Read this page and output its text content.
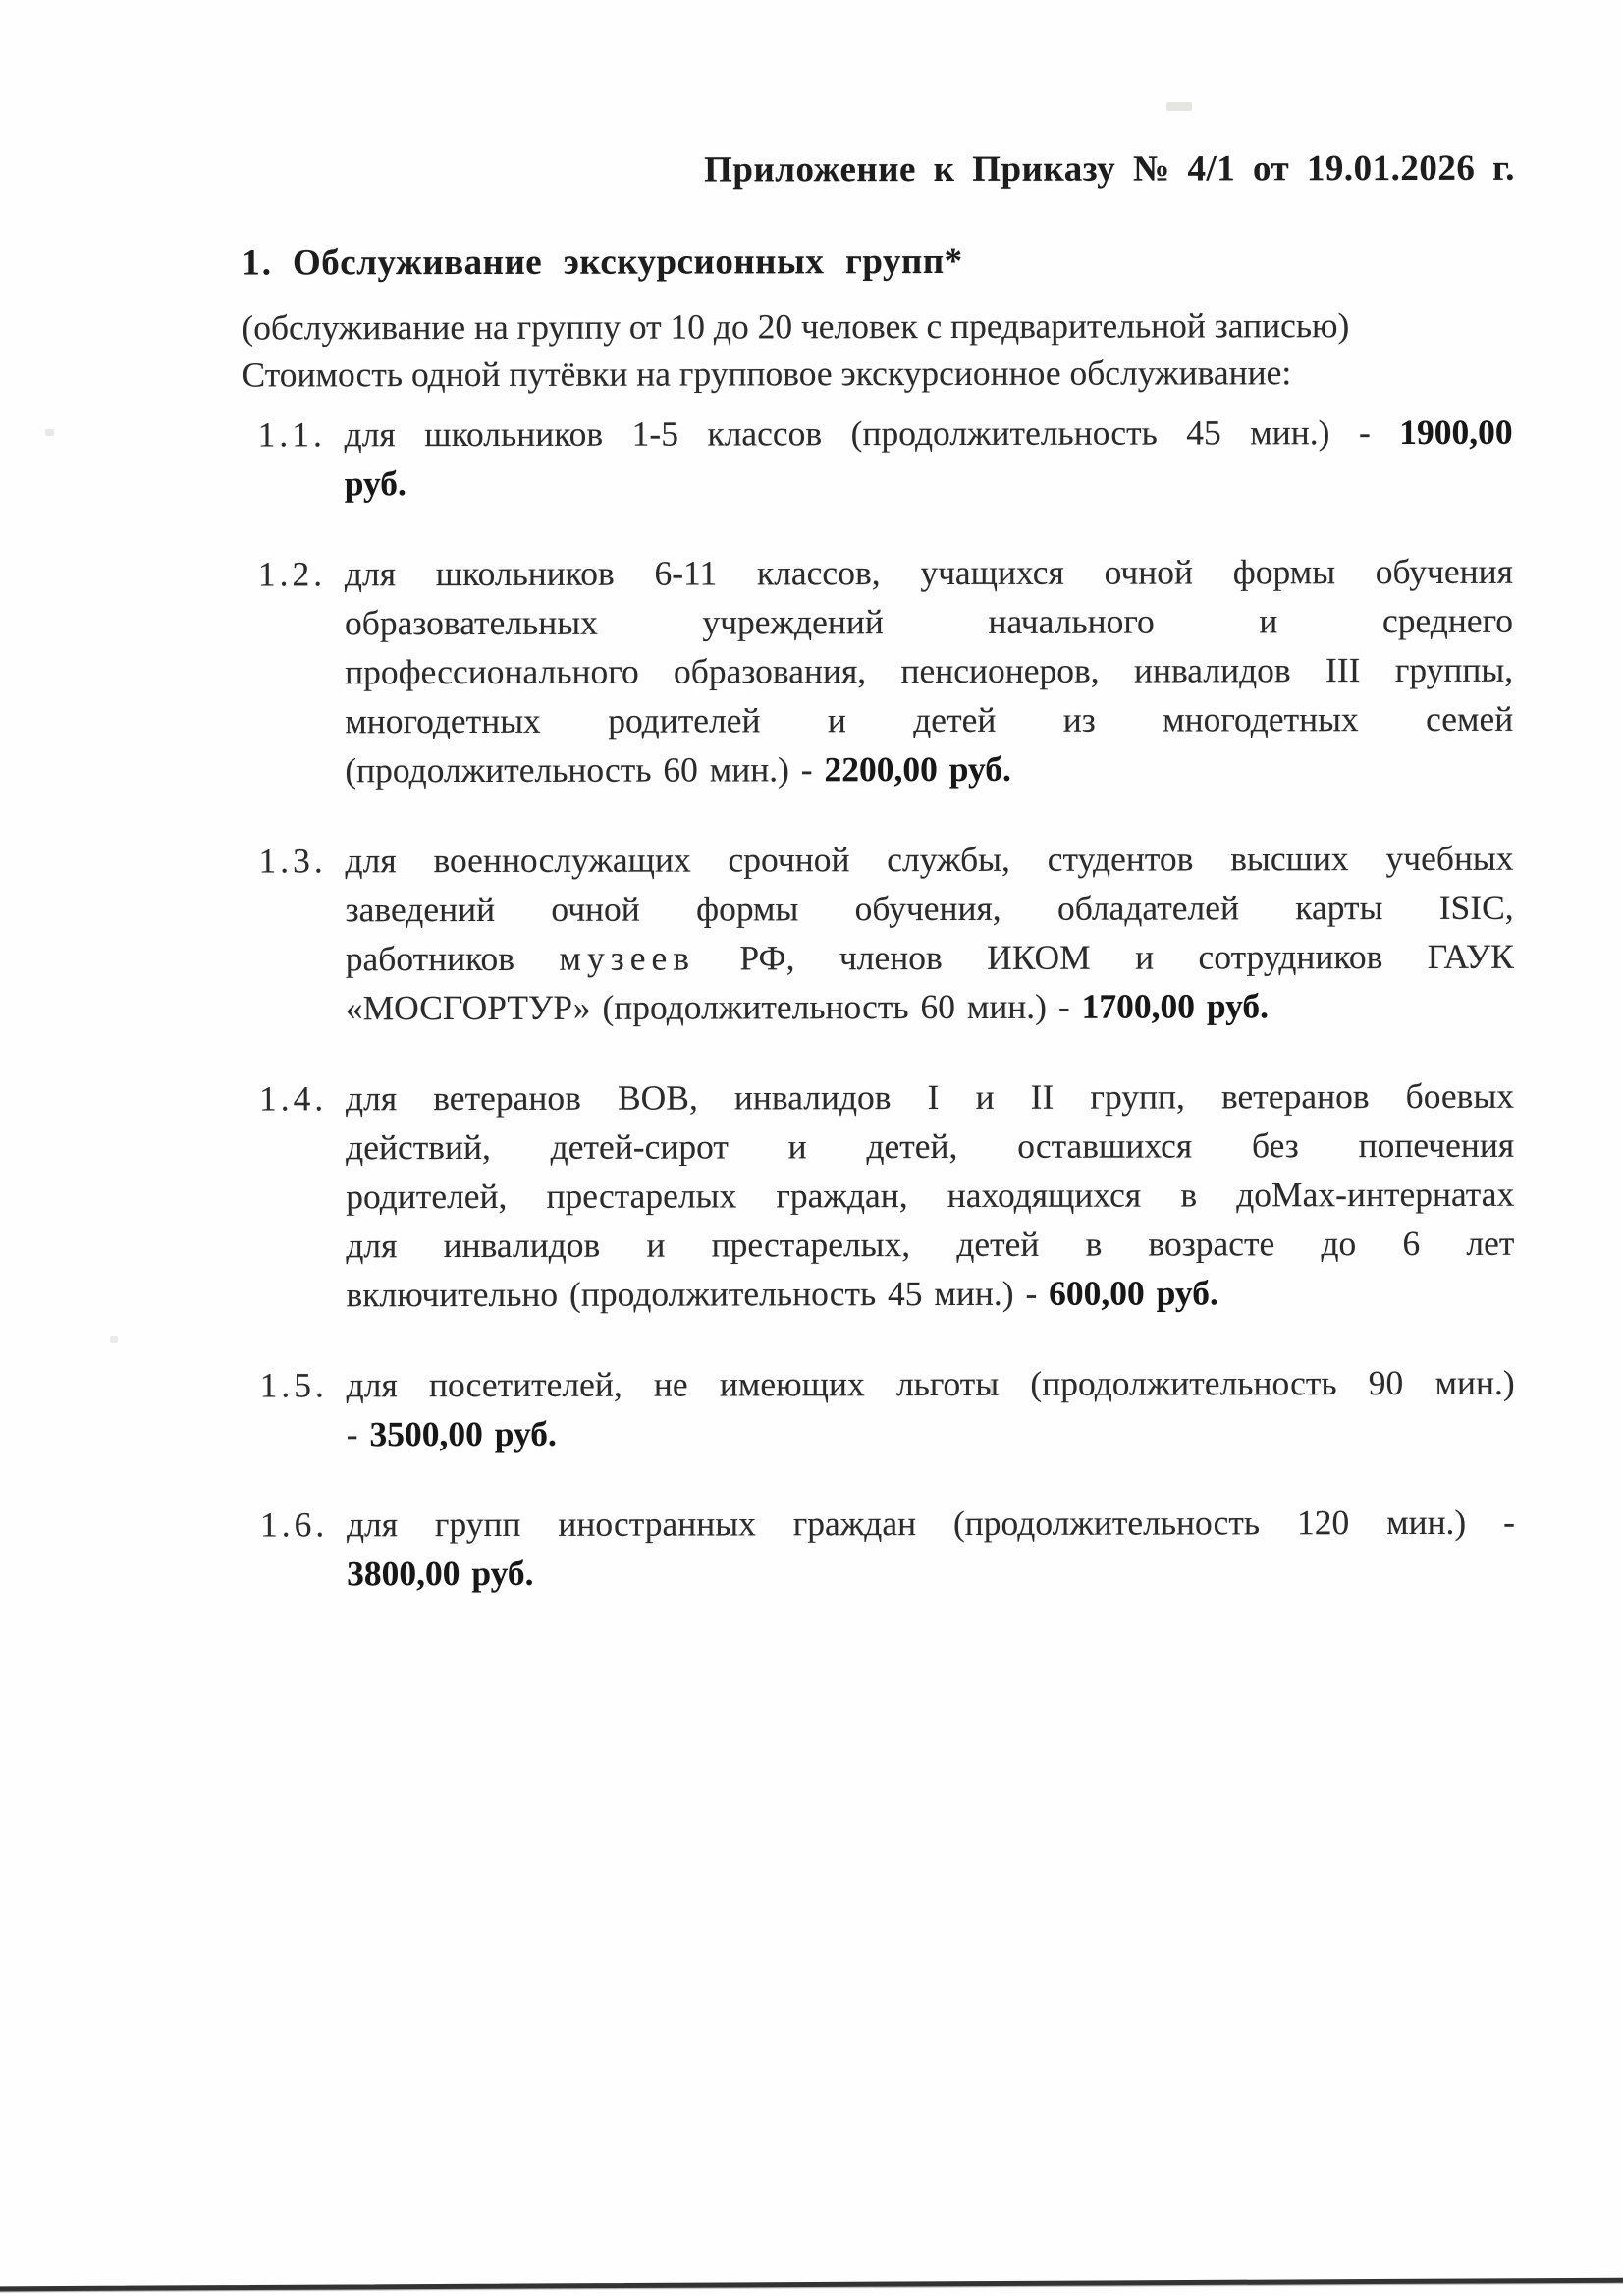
Приложение к Приказу № 4/1 от 19.01.2026 г.
1. Обслуживание экскурсионных групп*
(обслуживание на группу от 10 до 20 человек с предварительной записью)
Стоимость одной путёвки на групповое экскурсионное обслуживание:
1.1. для школьников 1-5 классов (продолжительность 45 мин.) - 1900,00
руб.
1.2. для школьников 6-11 классов, учащихся очной формы обучения
образовательных учреждений начального и среднего
профессионального образования, пенсионеров, инвалидов III группы,
многодетных родителей и детей из многодетных семей
(продолжительность 60 мин.) - 2200,00 руб.
1.3. для военнослужащих срочной службы, студентов высших учебных
заведений очной формы обучения, обладателей карты ISIC,
работников музеев РФ, членов ИКОМ и сотрудников ГАУК
«МОСГОРТУР» (продолжительность 60 мин.) - 1700,00 руб.
1.4. для ветеранов ВОВ, инвалидов I и II групп, ветеранов боевых
действий, детей-сирот и детей, оставшихся без попечения
родителей, престарелых граждан, находящихся в доМах-интернатах
для инвалидов и престарелых, детей в возрасте до 6 лет
включительно (продолжительность 45 мин.) - 600,00 руб.
1.5. для посетителей, не имеющих льготы (продолжительность 90 мин.)
- 3500,00 руб.
1.6. для групп иностранных граждан (продолжительность 120 мин.) -
3800,00 руб.
